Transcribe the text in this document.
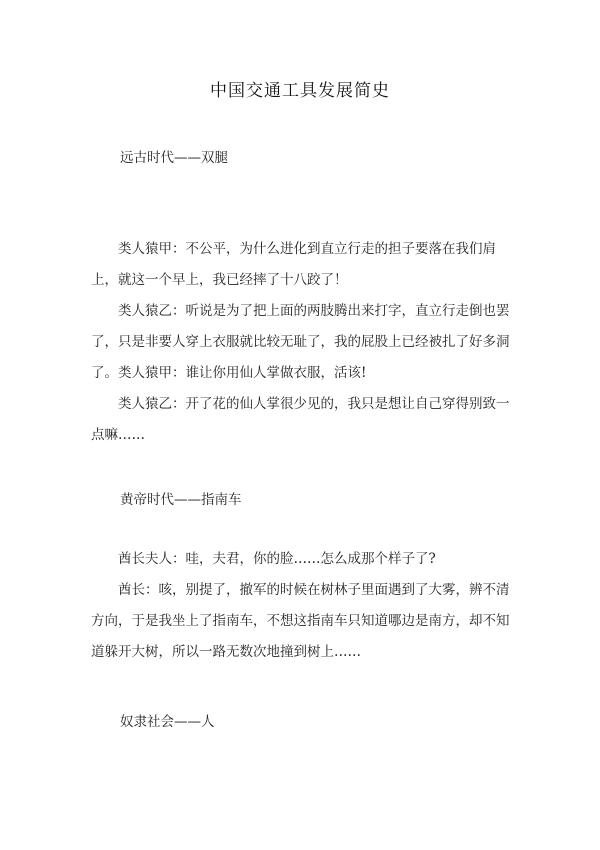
中国交通工具发展简史
远古时代——双腿
类人猿甲：不公平，为什么进化到直立行走的担子要落在我们肩上，就这一个早上，我已经摔了十八跤了！
类人猿乙：听说是为了把上面的两肢腾出来打字，直立行走倒也罢了，只是非要人穿上衣服就比较无耻了，我的屁股上已经被扎了好多洞了。 类人猿甲：谁让你用仙人掌做衣服，活该!
类人猿乙：开了花的仙人掌很少见的，我只是想让自己穿得别致一点嘛……
黄帝时代——指南车
酋长夫人：哇，夫君，你的脸……怎么成那个样子了?
酋长：咳，别提了，撤军的时候在树林子里面遇到了大雾，辨不清方向，于是我坐上了指南车，不想这指南车只知道哪边是南方，却不知道躲开大树，所以一路无数次地撞到树上……
奴隶社会——人
